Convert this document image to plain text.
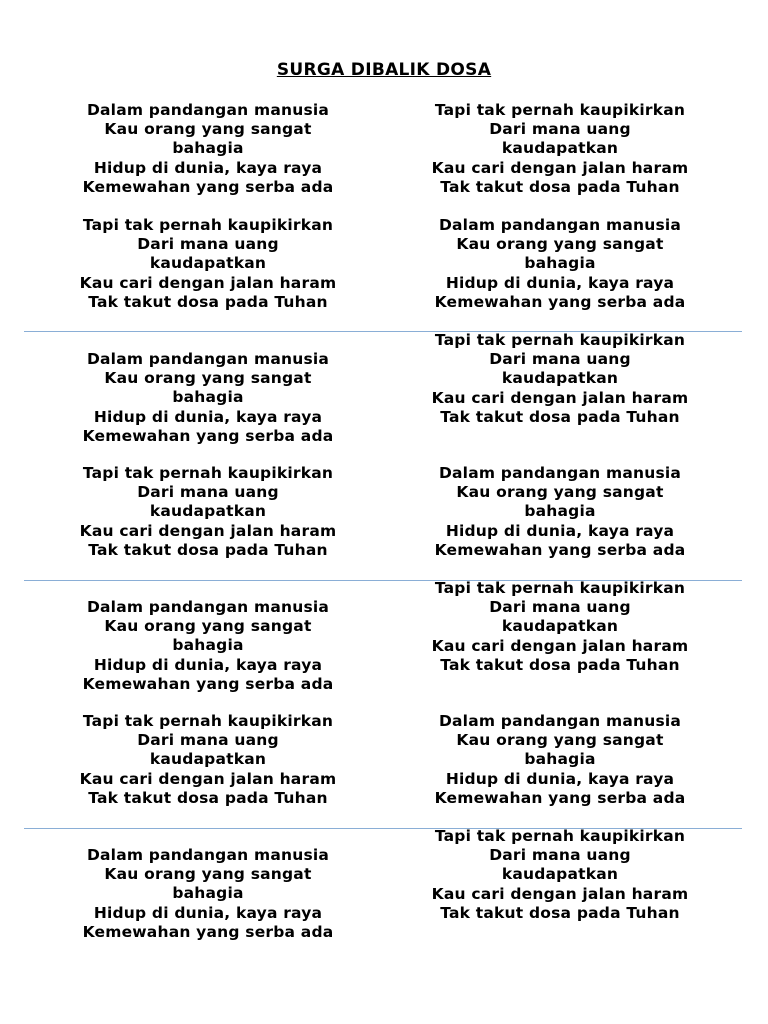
SURGA DIBALIK DOSA
Dalam pandangan manusia
Kau orang yang sangat
bahagia
Hidup di dunia, kaya raya
Kemewahan yang serba ada
Tapi tak pernah kaupikirkan
Dari mana uang
kaudapatkan
Kau cari dengan jalan haram
Tak takut dosa pada Tuhan
Tapi tak pernah kaupikirkan
Dari mana uang
kaudapatkan
Kau cari dengan jalan haram
Tak takut dosa pada Tuhan
Dalam pandangan manusia
Kau orang yang sangat
bahagia
Hidup di dunia, kaya raya
Kemewahan yang serba ada
Dalam pandangan manusia
Kau orang yang sangat
bahagia
Hidup di dunia, kaya raya
Kemewahan yang serba ada
Tapi tak pernah kaupikirkan
Dari mana uang
kaudapatkan
Kau cari dengan jalan haram
Tak takut dosa pada Tuhan
Tapi tak pernah kaupikirkan
Dari mana uang
kaudapatkan
Kau cari dengan jalan haram
Tak takut dosa pada Tuhan
Dalam pandangan manusia
Kau orang yang sangat
bahagia
Hidup di dunia, kaya raya
Kemewahan yang serba ada
Dalam pandangan manusia
Kau orang yang sangat
bahagia
Hidup di dunia, kaya raya
Kemewahan yang serba ada
Tapi tak pernah kaupikirkan
Dari mana uang
kaudapatkan
Kau cari dengan jalan haram
Tak takut dosa pada Tuhan
Tapi tak pernah kaupikirkan
Dari mana uang
kaudapatkan
Kau cari dengan jalan haram
Tak takut dosa pada Tuhan
Dalam pandangan manusia
Kau orang yang sangat
bahagia
Hidup di dunia, kaya raya
Kemewahan yang serba ada
Dalam pandangan manusia
Kau orang yang sangat
bahagia
Hidup di dunia, kaya raya
Kemewahan yang serba ada
Tapi tak pernah kaupikirkan
Dari mana uang
kaudapatkan
Kau cari dengan jalan haram
Tak takut dosa pada Tuhan
